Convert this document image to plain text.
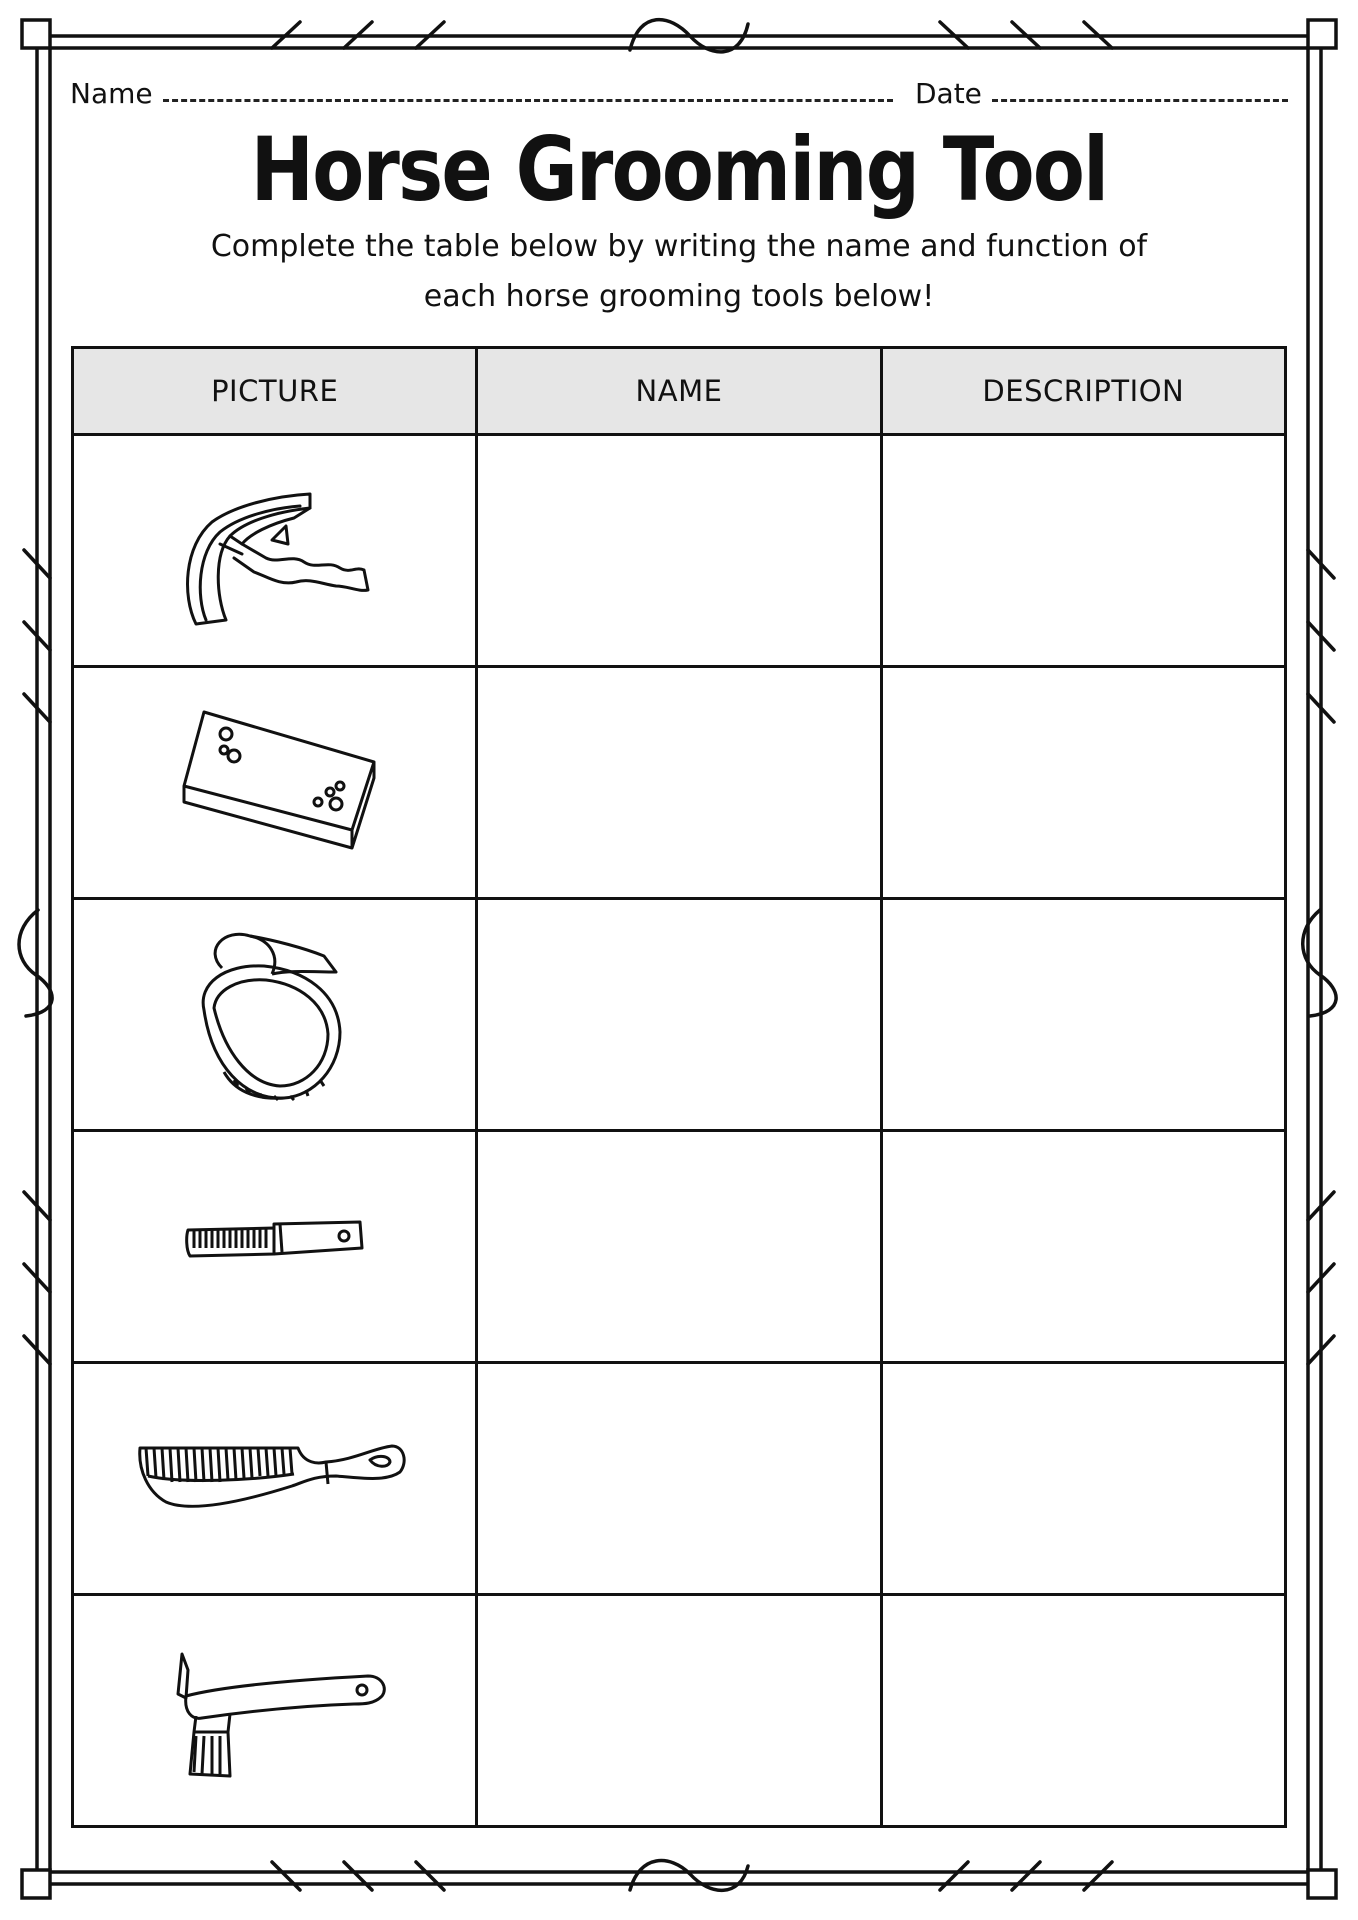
Name	Date
Horse Grooming Tool
Complete the table below by writing the name and function of each horse grooming tools below!
PICTURE	NAME	DESCRIPTION
